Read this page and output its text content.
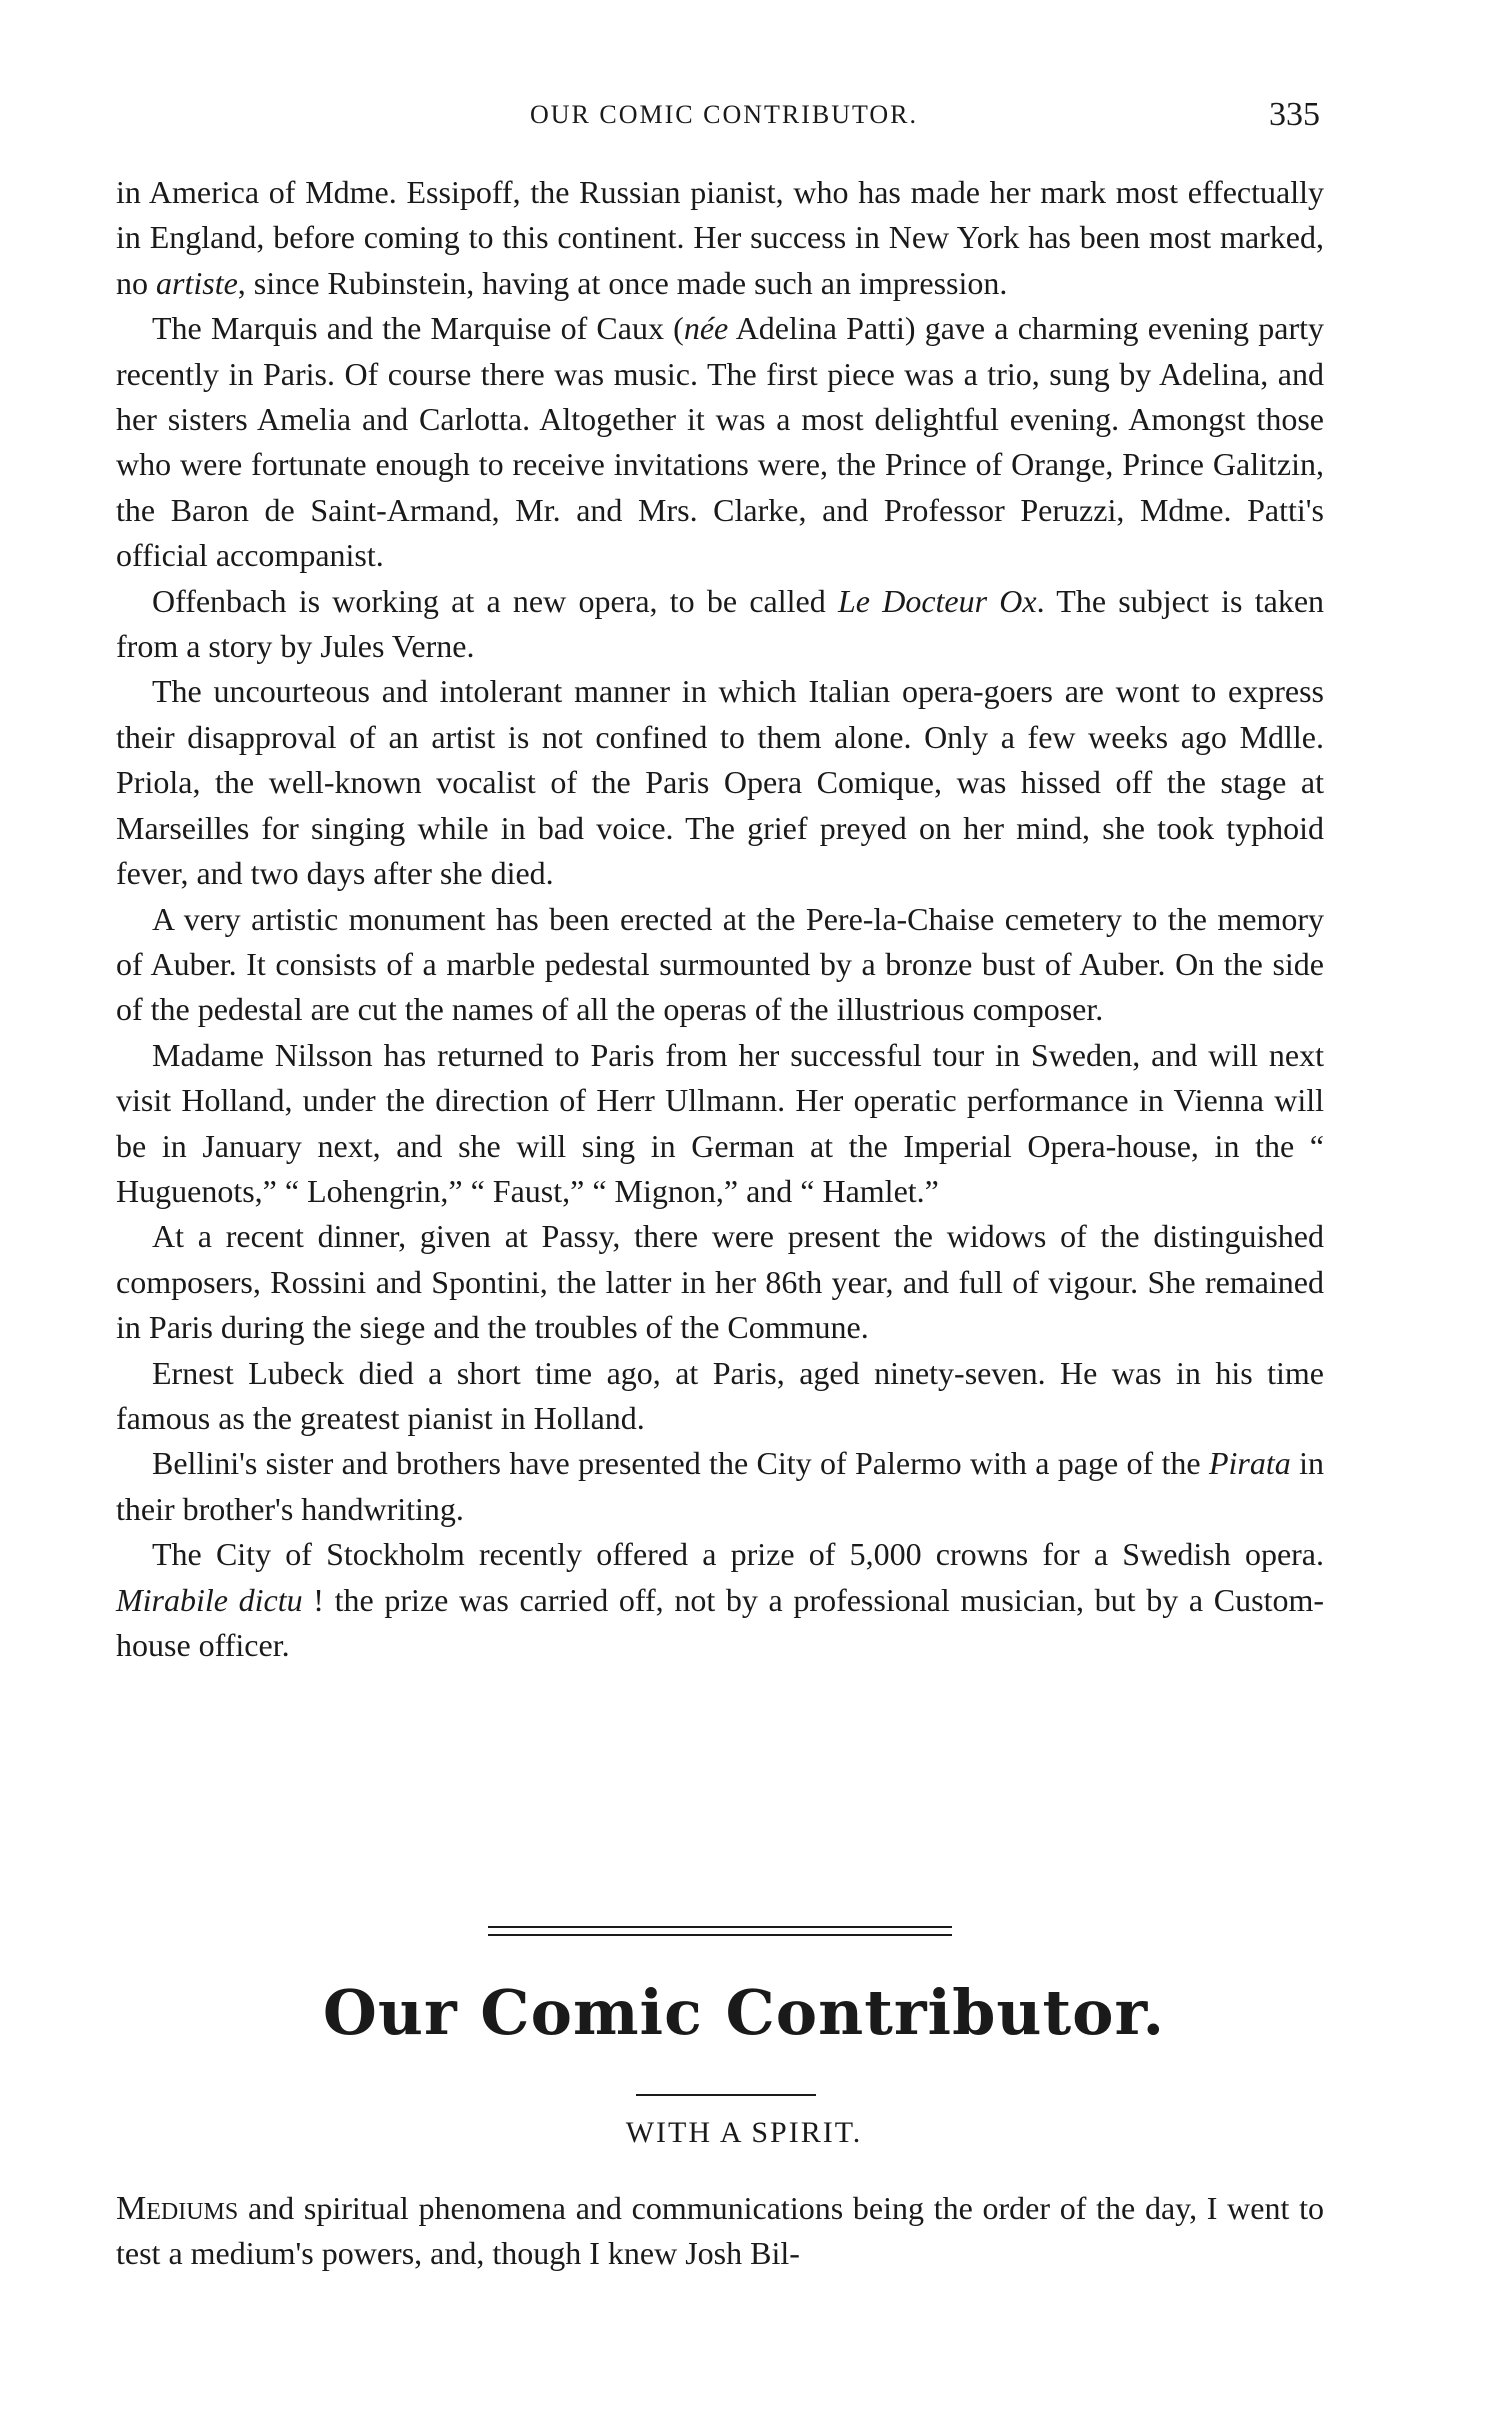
OUR COMIC CONTRIBUTOR.	335

in America of Mdme. Essipoff, the Russian pianist, who has made her mark most effectually in England, before coming to this continent. Her success in New York has been most marked, no artiste, since Rubinstein, having at once made such an impression.

The Marquis and the Marquise of Caux (née Adelina Patti) gave a charming evening party recently in Paris. Of course there was music. The first piece was a trio, sung by Adelina, and her sisters Amelia and Carlotta. Altogether it was a most delightful evening. Amongst those who were fortunate enough to receive invitations were, the Prince of Orange, Prince Galitzin, the Baron de Saint-Armand, Mr. and Mrs. Clarke, and Professor Peruzzi, Mdme. Patti's official accompanist.

Offenbach is working at a new opera, to be called Le Docteur Ox. The subject is taken from a story by Jules Verne.

The uncourteous and intolerant manner in which Italian opera-goers are wont to express their disapproval of an artist is not confined to them alone. Only a few weeks ago Mdlle. Priola, the well-known vocalist of the Paris Opera Comique, was hissed off the stage at Marseilles for singing while in bad voice. The grief preyed on her mind, she took typhoid fever, and two days after she died.

A very artistic monument has been erected at the Pere-la-Chaise cemetery to the memory of Auber. It consists of a marble pedestal surmounted by a bronze bust of Auber. On the side of the pedestal are cut the names of all the operas of the illustrious composer.

Madame Nilsson has returned to Paris from her successful tour in Sweden, and will next visit Holland, under the direction of Herr Ullmann. Her operatic performance in Vienna will be in January next, and she will sing in German at the Imperial Opera-house, in the “ Huguenots,” “ Lohengrin,” “ Faust,” “ Mignon,” and “ Hamlet.”

At a recent dinner, given at Passy, there were present the widows of the distinguished composers, Rossini and Spontini, the latter in her 86th year, and full of vigour. She remained in Paris during the siege and the troubles of the Commune.

Ernest Lubeck died a short time ago, at Paris, aged ninety-seven. He was in his time famous as the greatest pianist in Holland.

Bellini's sister and brothers have presented the City of Palermo with a page of the Pirata in their brother's handwriting.

The City of Stockholm recently offered a prize of 5,000 crowns for a Swedish opera. Mirabile dictu ! the prize was carried off, not by a professional musician, but by a Custom-house officer.

Our Comic Contributor.
WITH A SPIRIT.

Mediums and spiritual phenomena and communications being the order of the day, I went to test a medium's powers, and, though I knew Josh Bil-
